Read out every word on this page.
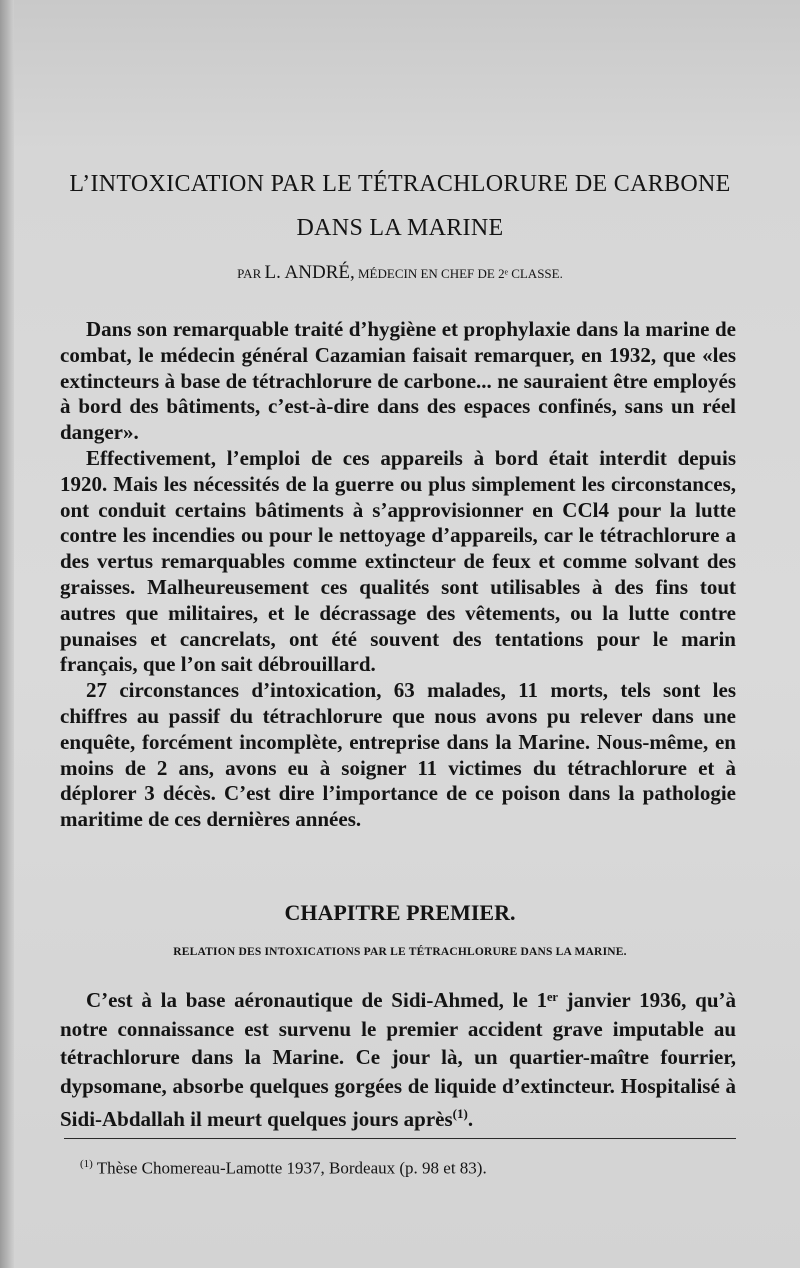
L’INTOXICATION PAR LE TÉTRACHLORURE DE CARBONE
DANS LA MARINE
PAR L. ANDRÉ, MÉDECIN EN CHEF DE 2ᵉ CLASSE.

Dans son remarquable traité d’hygiène et prophylaxie dans la marine de combat, le médecin général Cazamian faisait remarquer, en 1932, que «les extincteurs à base de tétrachlorure de carbone... ne sauraient être employés à bord des bâtiments, c’est-à-dire dans des espaces confinés, sans un réel danger».

Effectivement, l’emploi de ces appareils à bord était interdit depuis 1920. Mais les nécessités de la guerre ou plus simplement les circonstances, ont conduit certains bâtiments à s’approvisionner en CCl4 pour la lutte contre les incendies ou pour le nettoyage d’appareils, car le tétrachlorure a des vertus remarquables comme extincteur de feux et comme solvant des graisses. Malheureusement ces qualités sont utilisables à des fins tout autres que militaires, et le décrassage des vêtements, ou la lutte contre punaises et cancrelats, ont été souvent des tentations pour le marin français, que l’on sait débrouillard.

27 circonstances d’intoxication, 63 malades, 11 morts, tels sont les chiffres au passif du tétrachlorure que nous avons pu relever dans une enquête, forcément incomplète, entreprise dans la Marine. Nous-même, en moins de 2 ans, avons eu à soigner 11 victimes du tétrachlorure et à déplorer 3 décès. C’est dire l’importance de ce poison dans la pathologie maritime de ces dernières années.

CHAPITRE PREMIER.
RELATION DES INTOXICATIONS PAR LE TÉTRACHLORURE DANS LA MARINE.

C’est à la base aéronautique de Sidi-Ahmed, le 1ᵉʳ janvier 1936, qu’à notre connaissance est survenu le premier accident grave imputable au tétrachlorure dans la Marine. Ce jour là, un quartier-maître fourrier, dypsomane, absorbe quelques gorgées de liquide d’extincteur. Hospitalisé à Sidi-Abdallah il meurt quelques jours après$^{(1)}$.

$^{(1)}$ Thèse Chomereau-Lamotte 1937, Bordeaux (p. 98 et 83).
